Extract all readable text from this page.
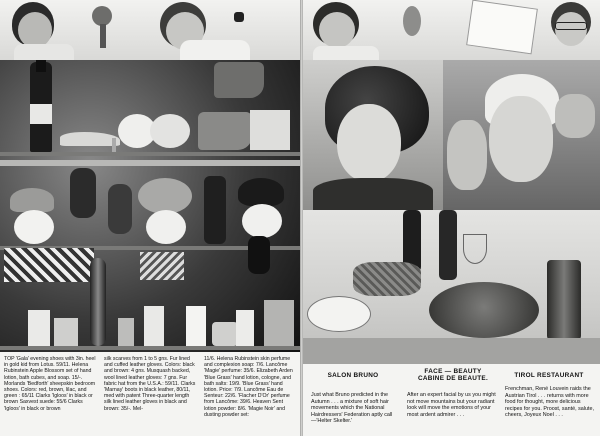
TOP 'Gala' evening shoes with 3in. heel in gold kid from Lotus. 59/11. Helena Rubinstein Apple Blossom set of hand lotion, bath cubes, and soap. 15/-. Morlands 'Bedforth' sheepskin bedroom shoes. Colors: red, brown, lilac, and green : 65/11 Clarks 'Igloos' in black or brown Saxvest suede: 55/6 Clarks 'Igloos' in black or brown
silk scarves from 1 to 5 gns. Fur lined and cuffed leather gloves. Colors: black and brown: 4 gns. Musquash backed, wool lined leather gloves: 7 gns. Fur fabric hat from the U.S.A.: 59/11. Clarks 'Marnay' boots in black leather, 80/11, med with patent Three-quarter length silk lined leather gloves in black and brown: 35/-. Mel-
11/6. Helena Rubinstein skin perfume and complexion soap: 7/6. Lancôme 'Magie' perfume: 35/6. Elizabeth Arden 'Blue Grass' hand lotion, cologne, and bath salts: 19/9. 'Blue Grass' hand lotion. Price: 7/9. Lancôme Eau de Senteur: 22/6. 'Flacher D'Or' perfume from Lancôme: 39/6. Heaven Sent lotion powder: 8/6. 'Magie Noir' and dusting powder set:
SALON BRUNO
Just what Bruno predicted in the Autumn . . . a mixture of soft hair movements which the National Hairdressers' Federation aptly call—'Helter Skelter.'
FACE — BEAUTY
CABINE DE BEAUTE.
After an expert facial by us you might not move mountains but your radiant look will move the emotions of your most ardent admirer . . .
TIROL RESTAURANT
Frenchman, René Louvein raids the Austrian Tirol . . . returns with more food for thought, more delicious recipes for you. Proost, santé, salute, cheers, Joyeux Noel . . .
